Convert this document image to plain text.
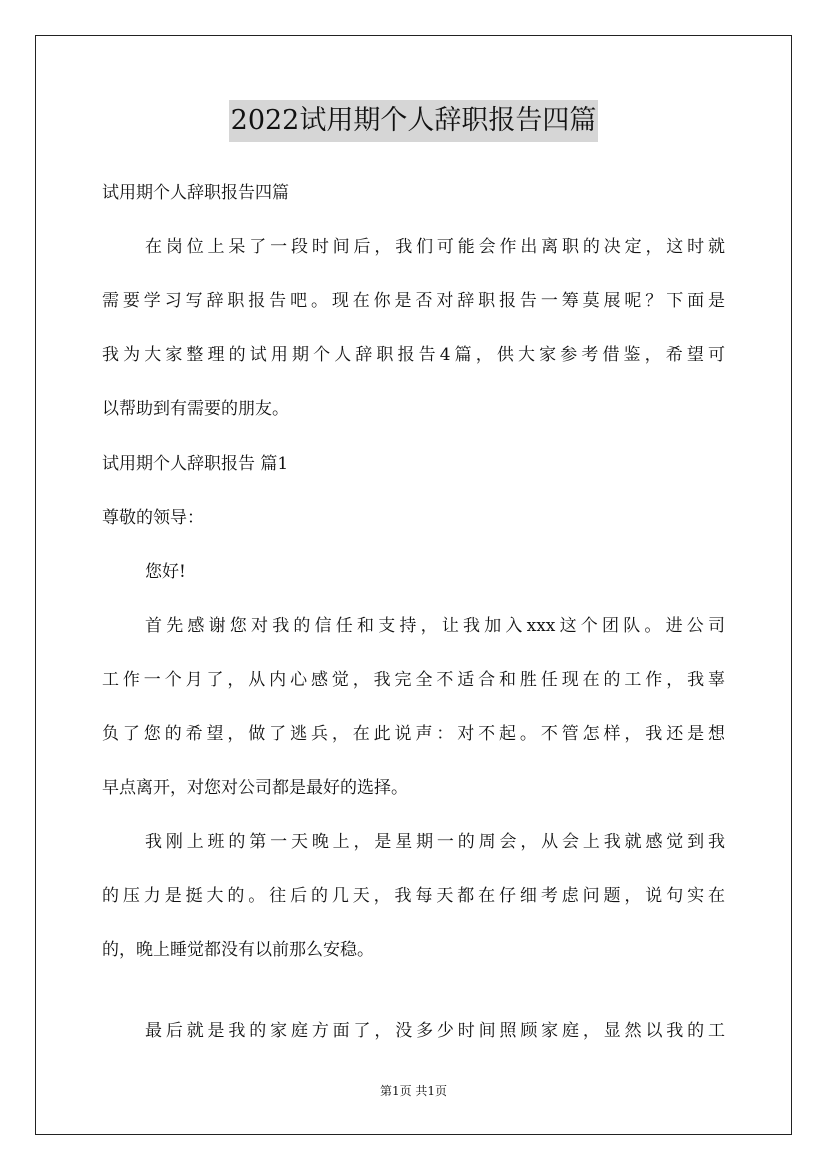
2022试用期个人辞职报告四篇
试用期个人辞职报告四篇
在岗位上呆了一段时间后，我们可能会作出离职的决定，这时就
需要学习写辞职报告吧。现在你是否对辞职报告一筹莫展呢？下面是
我为大家整理的试用期个人辞职报告4篇，供大家参考借鉴，希望可
以帮助到有需要的朋友。
试用期个人辞职报告 篇1
尊敬的领导：
您好!
首先感谢您对我的信任和支持，让我加入xxx这个团队。进公司
工作一个月了，从内心感觉，我完全不适合和胜任现在的工作，我辜
负了您的希望，做了逃兵，在此说声：对不起。不管怎样，我还是想
早点离开，对您对公司都是最好的选择。
我刚上班的第一天晚上，是星期一的周会，从会上我就感觉到我
的压力是挺大的。往后的几天，我每天都在仔细考虑问题，说句实在
的，晚上睡觉都没有以前那么安稳。
最后就是我的家庭方面了，没多少时间照顾家庭，显然以我的工
第1页 共1页
